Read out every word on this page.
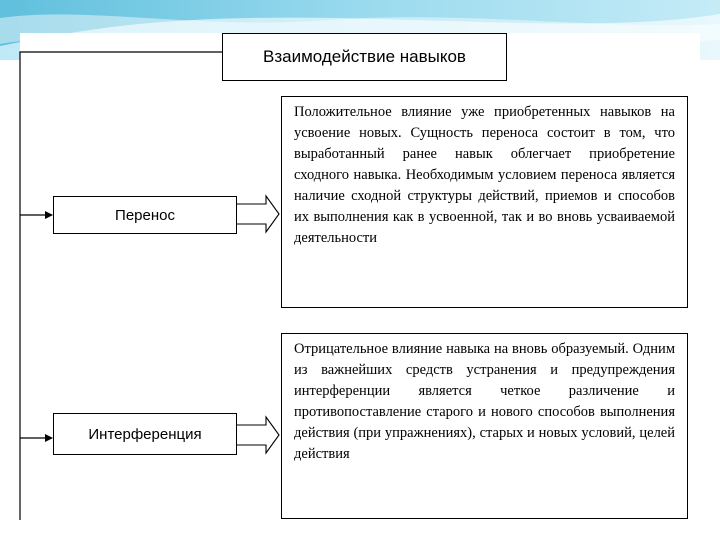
Взаимодействие навыков
Перенос
Положительное влияние уже приобретенных навыков на усвоение новых. Сущность переноса состоит в том, что выработанный ранее навык облегчает приобретение сходного навыка. Необходимым условием переноса является наличие сходной структуры действий, приемов и способов их выполнения как в усвоенной, так и во вновь усваиваемой деятельности
Интерференция
Отрицательное влияние навыка на вновь образуемый. Одним из важнейших средств устранения и предупреждения интерференции является четкое различение и противопоставление старого и нового способов выполнения действия (при упражнениях), старых и новых условий, целей действия
